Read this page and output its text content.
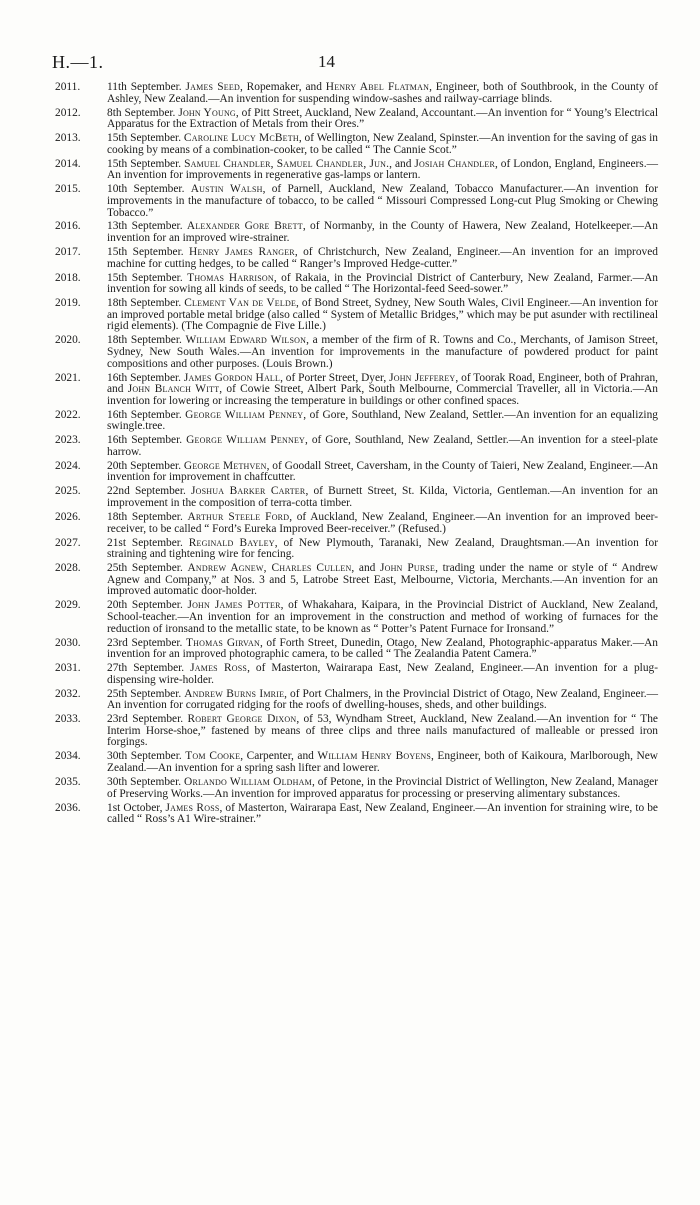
H.—1.	14
2011. 11th September. James Seed, Ropemaker, and Henry Abel Flatman, Engineer, both of Southbrook, in the County of Ashley, New Zealand.—An invention for suspending window-sashes and railway-carriage blinds.
2012. 8th September. John Young, of Pitt Street, Auckland, New Zealand, Accountant.—An invention for “ Young’s Electrical Apparatus for the Extraction of Metals from their Ores.”
2013. 15th September. Caroline Lucy McBeth, of Wellington, New Zealand, Spinster.—An invention for the saving of gas in cooking by means of a combination-cooker, to be called “ The Cannie Scot.”
2014. 15th September. Samuel Chandler, Samuel Chandler, Jun., and Josiah Chandler, of London, England, Engineers.—An invention for improvements in regenerative gas-lamps or lantern.
2015. 10th September. Austin Walsh, of Parnell, Auckland, New Zealand, Tobacco Manufacturer.—An invention for improvements in the manufacture of tobacco, to be called “ Missouri Compressed Long-cut Plug Smoking or Chewing Tobacco.”
2016. 13th September. Alexander Gore Brett, of Normanby, in the County of Hawera, New Zealand, Hotelkeeper.—An invention for an improved wire-strainer.
2017. 15th September. Henry James Ranger, of Christchurch, New Zealand, Engineer.—An invention for an improved machine for cutting hedges, to be called “ Ranger’s Improved Hedge-cutter.”
2018. 15th September. Thomas Harrison, of Rakaia, in the Provincial District of Canterbury, New Zealand, Farmer.—An invention for sowing all kinds of seeds, to be called “ The Horizontal-feed Seed-sower.”
2019. 18th September. Clement Van de Velde, of Bond Street, Sydney, New South Wales, Civil Engineer.—An invention for an improved portable metal bridge (also called “ System of Metallic Bridges,” which may be put asunder with rectilineal rigid elements). (The Compagnie de Five Lille.)
2020. 18th September. William Edward Wilson, a member of the firm of R. Towns and Co., Merchants, of Jamison Street, Sydney, New South Wales.—An invention for improvements in the manufacture of powdered product for paint compositions and other purposes. (Louis Brown.)
2021. 16th September. James Gordon Hall, of Porter Street, Dyer, John Jefferey, of Toorak Road, Engineer, both of Prahran, and John Blanch Witt, of Cowie Street, Albert Park, South Melbourne, Commercial Traveller, all in Victoria.—An invention for lowering or increasing the temperature in buildings or other confined spaces.
2022. 16th September. George William Penney, of Gore, Southland, New Zealand, Settler.—An invention for an equalizing swingle.tree.
2023. 16th September. George William Penney, of Gore, Southland, New Zealand, Settler.—An invention for a steel-plate harrow.
2024. 20th September. George Methven, of Goodall Street, Caversham, in the County of Taieri, New Zealand, Engineer.—An invention for improvement in chaffcutter.
2025. 22nd September. Joshua Barker Carter, of Burnett Street, St. Kilda, Victoria, Gentleman.—An invention for an improvement in the composition of terra-cotta timber.
2026. 18th September. Arthur Steele Ford, of Auckland, New Zealand, Engineer.—An invention for an improved beer-receiver, to be called “ Ford’s Eureka Improved Beer-receiver.” (Refused.)
2027. 21st September. Reginald Bayley, of New Plymouth, Taranaki, New Zealand, Draughtsman.—An invention for straining and tightening wire for fencing.
2028. 25th September. Andrew Agnew, Charles Cullen, and John Purse, trading under the name or style of “ Andrew Agnew and Company,” at Nos. 3 and 5, Latrobe Street East, Melbourne, Victoria, Merchants.—An invention for an improved automatic door-holder.
2029. 20th September. John James Potter, of Whakahara, Kaipara, in the Provincial District of Auckland, New Zealand, School-teacher.—An invention for an improvement in the construction and method of working of furnaces for the reduction of ironsand to the metallic state, to be known as “ Potter’s Patent Furnace for Ironsand.”
2030. 23rd September. Thomas Girvan, of Forth Street, Dunedin, Otago, New Zealand, Photographic-apparatus Maker.—An invention for an improved photographic camera, to be called “ The Zealandia Patent Camera.”
2031. 27th September. James Ross, of Masterton, Wairarapa East, New Zealand, Engineer.—An invention for a plug-dispensing wire-holder.
2032. 25th September. Andrew Burns Imrie, of Port Chalmers, in the Provincial District of Otago, New Zealand, Engineer.—An invention for corrugated ridging for the roofs of dwelling-houses, sheds, and other buildings.
2033. 23rd September. Robert George Dixon, of 53, Wyndham Street, Auckland, New Zealand.—An invention for “ The Interim Horse-shoe,” fastened by means of three clips and three nails manufactured of malleable or pressed iron forgings.
2034. 30th September. Tom Cooke, Carpenter, and William Henry Boyens, Engineer, both of Kaikoura, Marlborough, New Zealand.—An invention for a spring sash lifter and lowerer.
2035. 30th September. Orlando William Oldham, of Petone, in the Provincial District of Wellington, New Zealand, Manager of Preserving Works.—An invention for improved apparatus for processing or preserving alimentary substances.
2036. 1st October, James Ross, of Masterton, Wairarapa East, New Zealand, Engineer.—An invention for straining wire, to be called “ Ross’s A1 Wire-strainer.”
